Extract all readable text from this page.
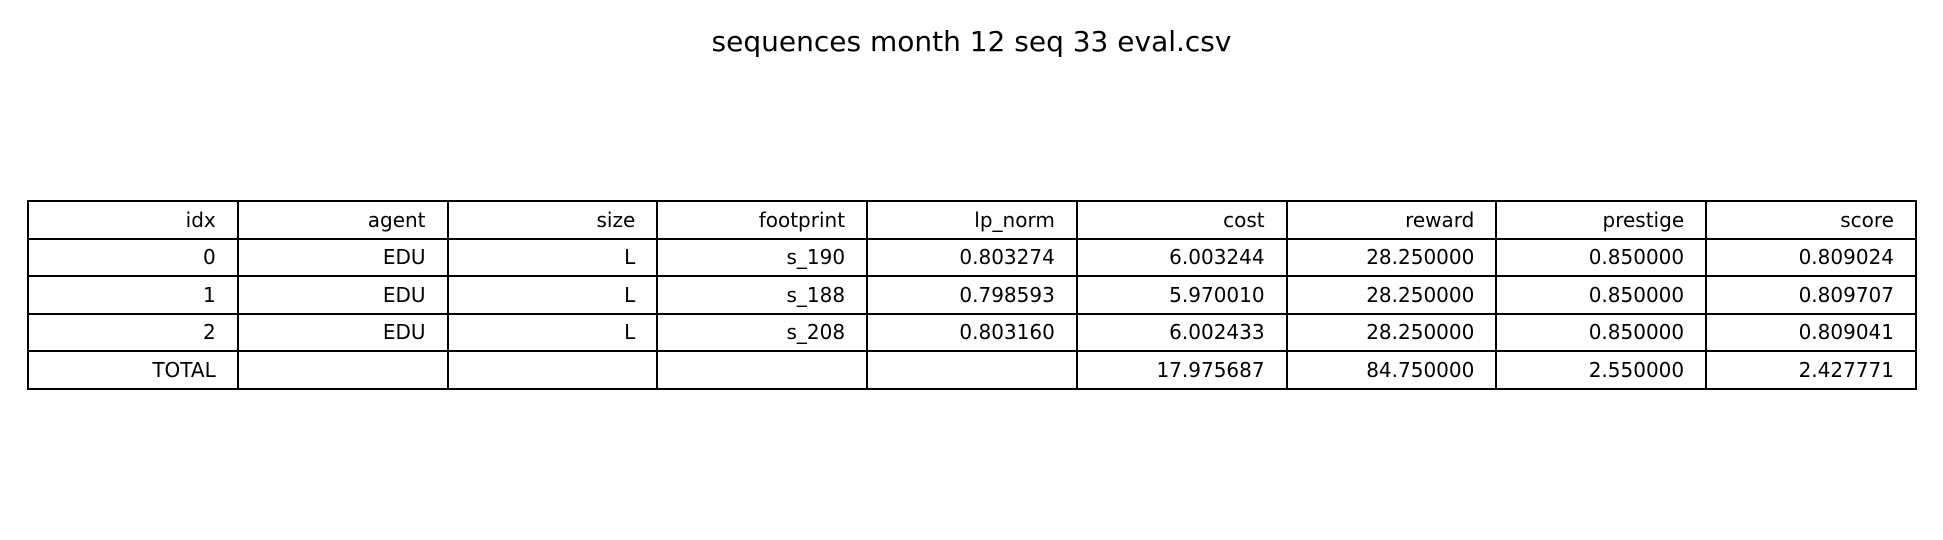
sequences month 12 seq 33 eval.csv
idx	agent	size	footprint	lp_norm	cost	reward	prestige	score
0	EDU	L	s_190	0.803274	6.003244	28.250000	0.850000	0.809024
1	EDU	L	s_188	0.798593	5.970010	28.250000	0.850000	0.809707
2	EDU	L	s_208	0.803160	6.002433	28.250000	0.850000	0.809041
TOTAL					17.975687	84.750000	2.550000	2.427771
